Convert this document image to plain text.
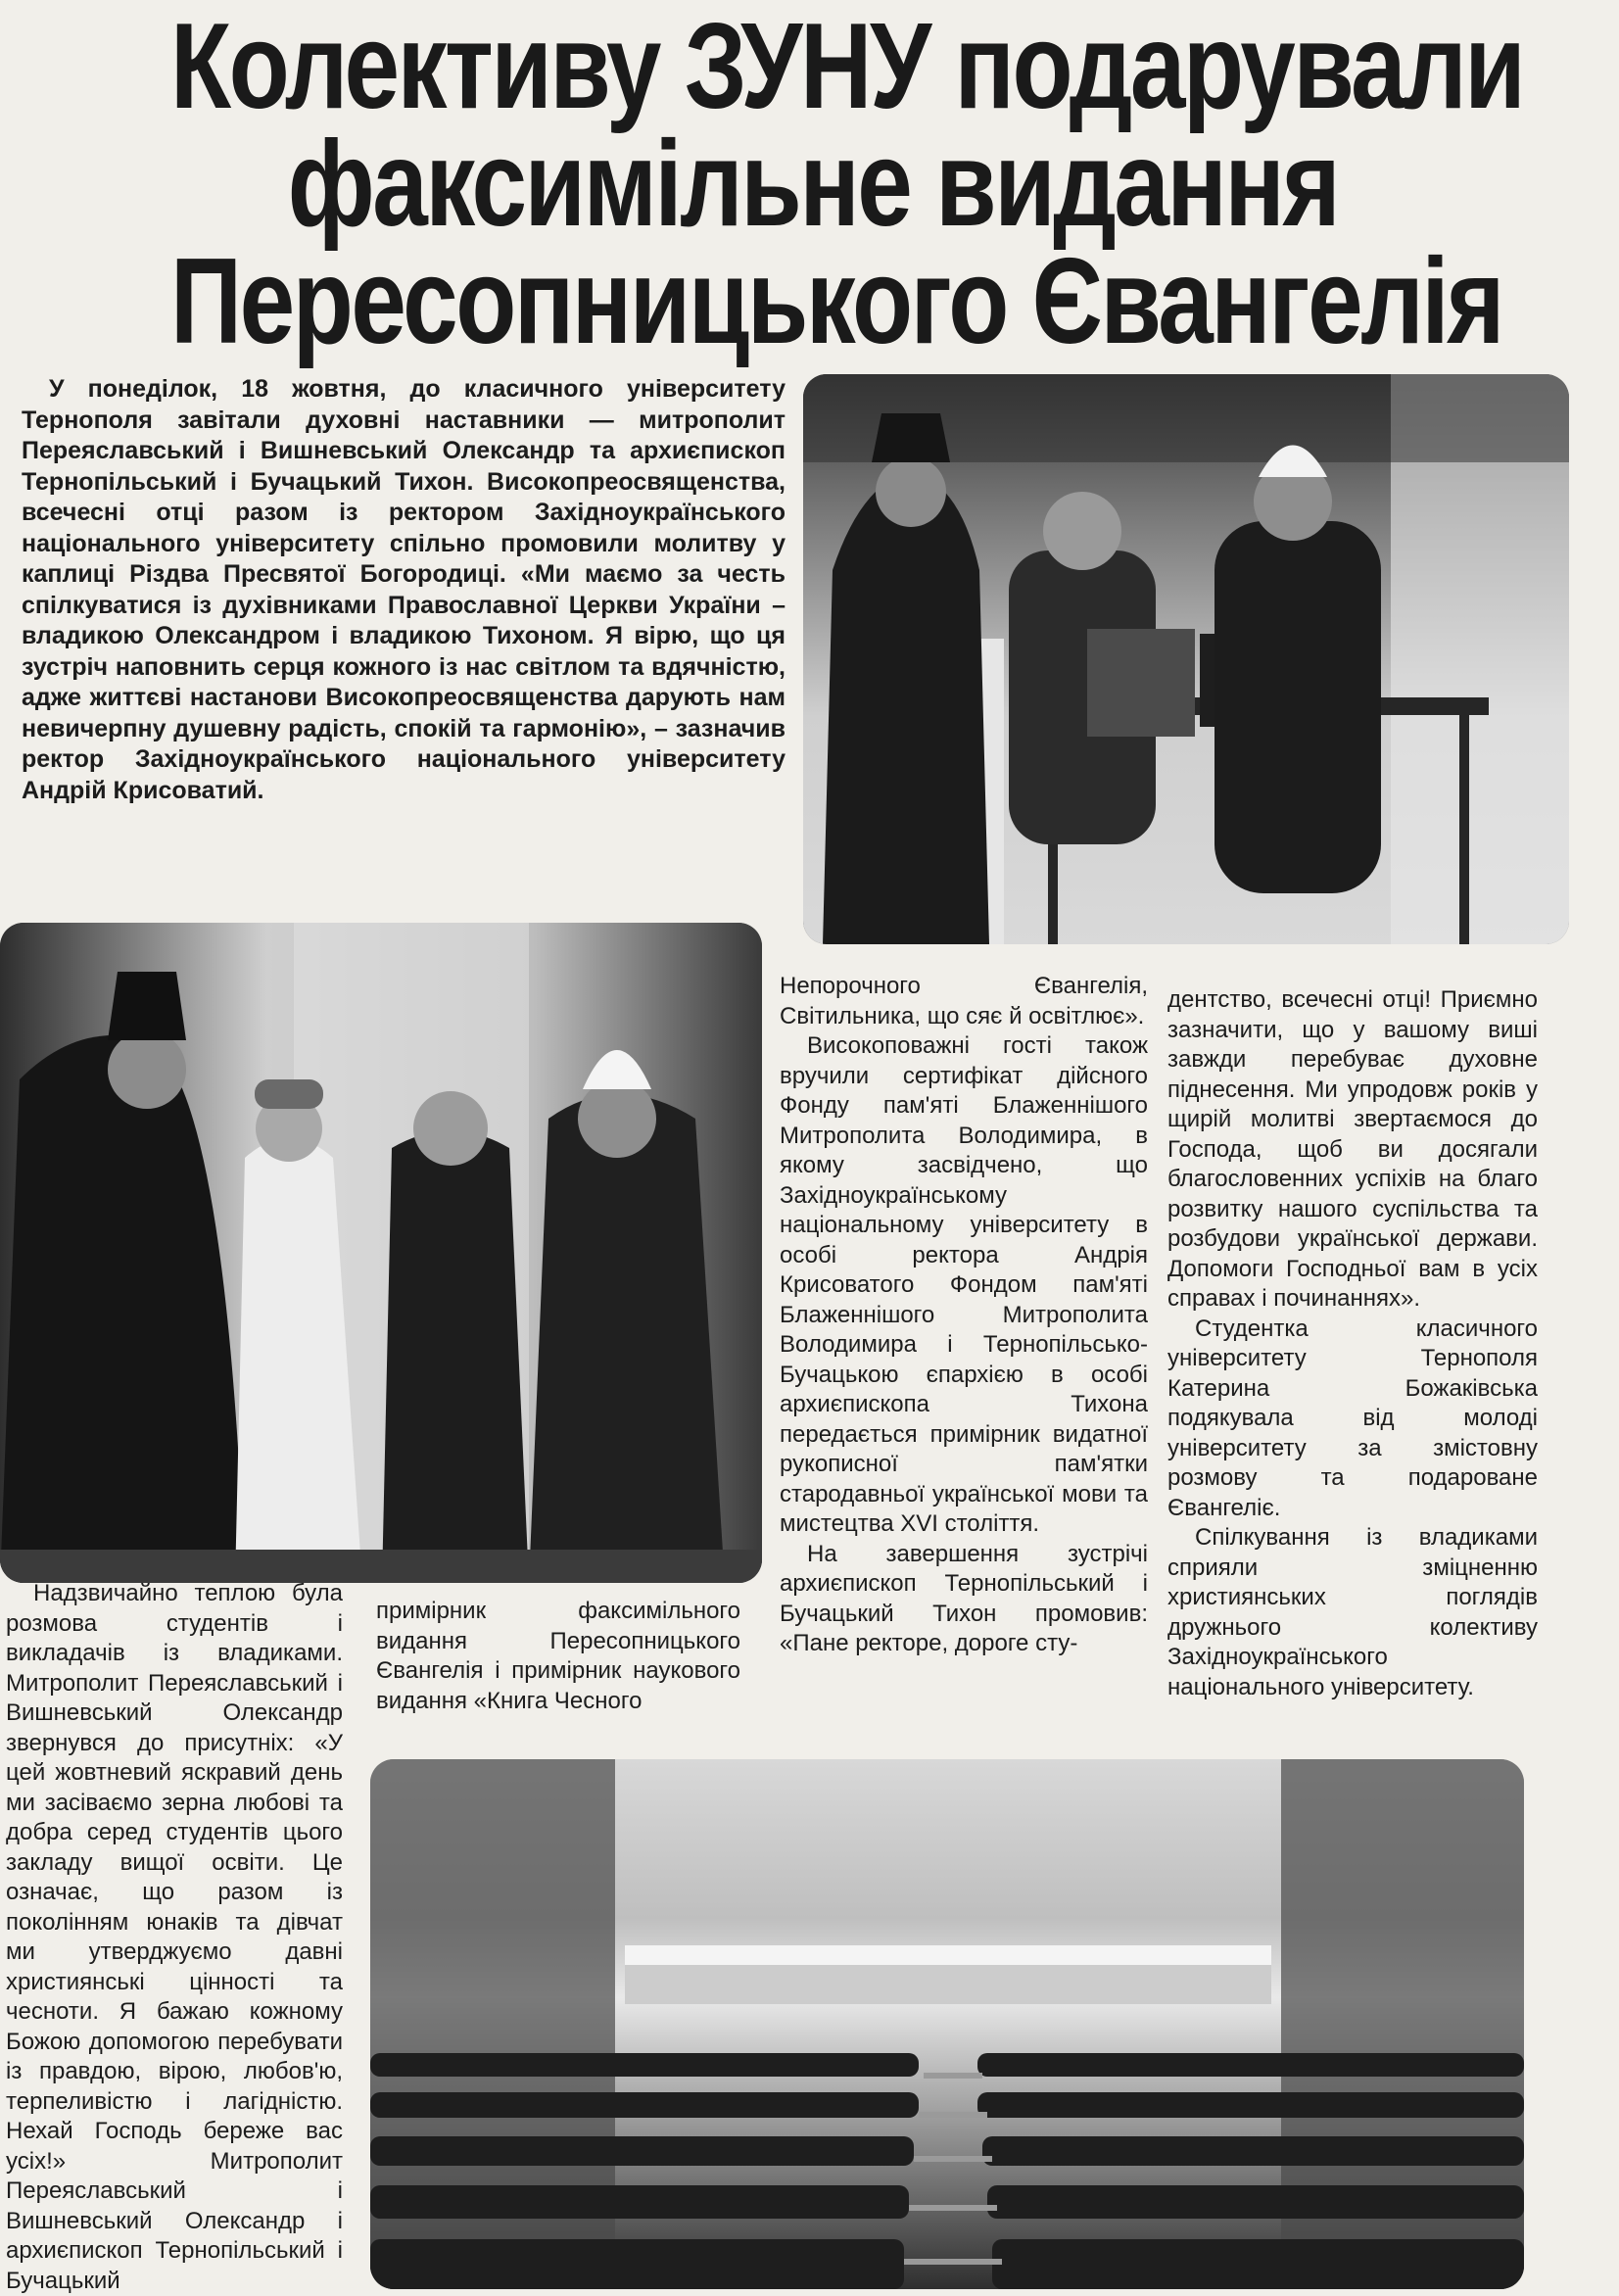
Колективу ЗУНУ подарували
факсимільне видання
Пересопницького Євангелія

У понеділок, 18 жовтня, до класичного університету Тернополя завітали духовні наставники — митрополит Переяславський і Вишневський Олександр та архиєпископ Тернопільський і Бучацький Тихон. Високопреосвященства, всечесні отці разом із ректором Західноукраїнського національного університету спільно промовили молитву у каплиці Різдва Пресвятої Богородиці. «Ми маємо за честь спілкуватися із духівниками Православної Церкви України – владикою Олександром і владикою Тихоном. Я вірю, що ця зустріч наповнить серця кожного із нас світлом та вдячністю, адже життєві настанови Високопреосвященства дарують нам невичерпну душевну радість, спокій та гармонію», – зазначив ректор Західноукраїнського національного університету Андрій Крисоватий.

Непорочного Євангелія, Світильника, що сяє й освітлює».

Високоповажні гості також вручили сертифікат дійсного Фонду пам'яті Блаженнішого Митрополита Володимира, в якому засвідчено, що Західноукраїнському національному університету в особі ректора Андрія Крисоватого Фондом пам'яті Блаженнішого Митрополита Володимира і Тернопільсько-Бучацькою єпархією в особі архиєпископа Тихона передається примірник видатної рукописної пам'ятки стародавньої української мови та мистецтва XVI століття.

На завершення зустрічі архиєпископ Тернопільський і Бучацький Тихон промовив: «Пане ректоре, дороге сту-

дентство, всечесні отці! Приємно зазначити, що у вашому виші завжди перебуває духовне піднесення. Ми упродовж років у щирій молитві звертаємося до Господа, щоб ви досягали благословенних успіхів на благо розвитку нашого суспільства та розбудови української держави. Допомоги Господньої вам в усіх справах і починаннях».

Студентка класичного університету Тернополя Катерина Божаківська подякувала від молоді університету за змістовну розмову та подароване Євангеліє.

Спілкування із владиками сприяли зміцненню християнських поглядів дружнього колективу Західноукраїнського національного університету.

Надзвичайно теплою була розмова студентів і викладачів із владиками. Митрополит Переяславський і Вишневський Олександр звернувся до присутніх: «У цей жовтневий яскравий день ми засіваємо зерна любові та добра серед студентів цього закладу вищої освіти. Це означає, що разом із поколінням юнаків та дівчат ми утверджуємо давні християнські цінності та чесноти. Я бажаю кожному Божою допомогою перебувати із правдою, вірою, любов'ю, терпеливістю і лагідністю. Нехай Господь береже вас усіх!» Митрополит Переяславський і Вишневський Олександр і архиєпископ Тернопільський і Бучацький

примірник факсимільного видання Пересопницького Євангелія і примірник наукового видання «Книга Чесного
